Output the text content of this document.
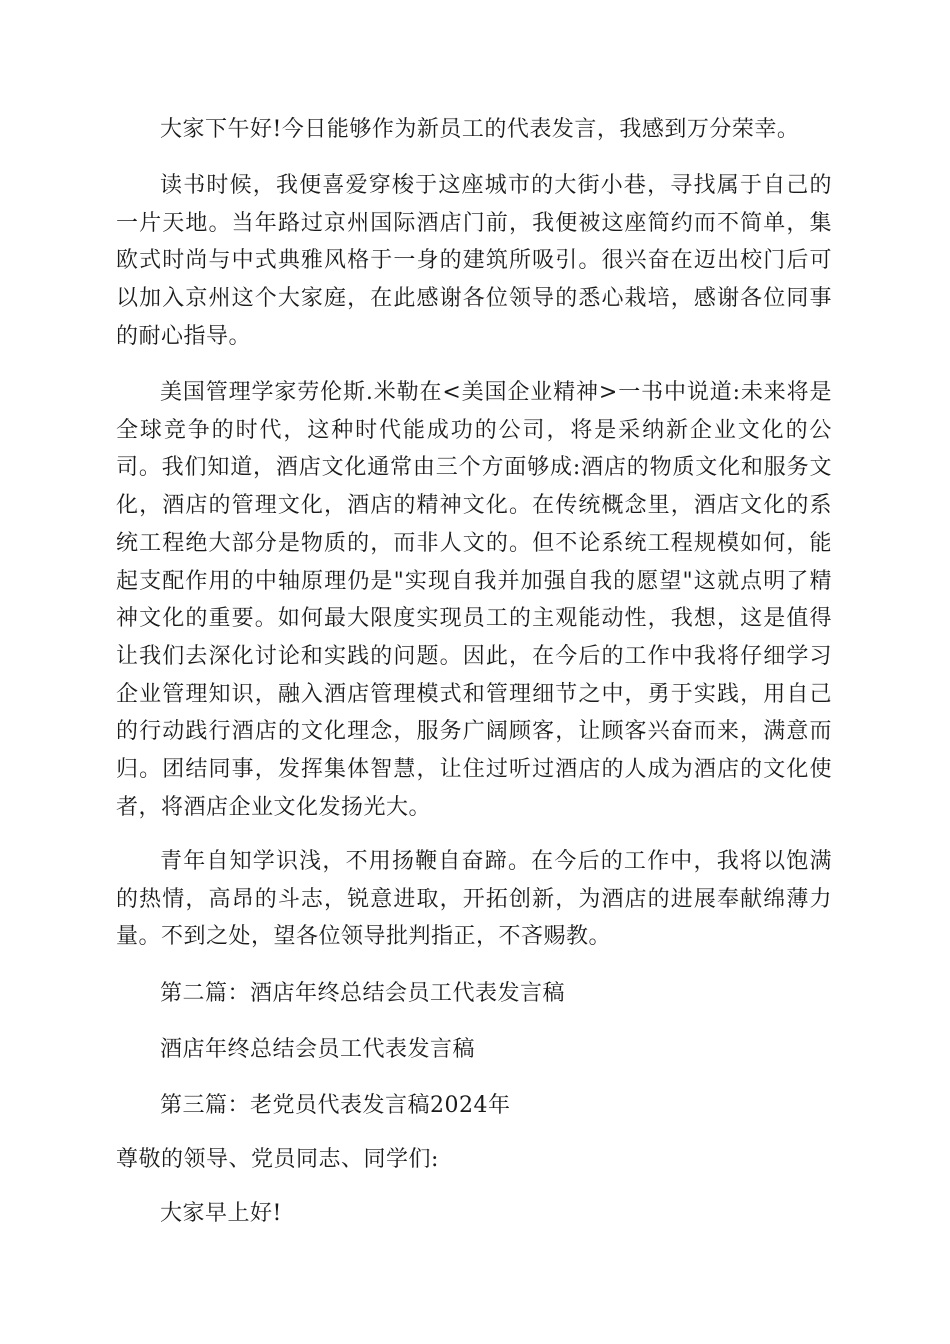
大家下午好!今日能够作为新员工的代表发言，我感到万分荣幸。

读书时候，我便喜爱穿梭于这座城市的大街小巷，寻找属于自己的一片天地。当年路过京州国际酒店门前，我便被这座简约而不简单，集欧式时尚与中式典雅风格于一身的建筑所吸引。很兴奋在迈出校门后可以加入京州这个大家庭，在此感谢各位领导的悉心栽培，感谢各位同事的耐心指导。

美国管理学家劳伦斯.米勒在<美国企业精神>一书中说道:未来将是全球竞争的时代，这种时代能成功的公司，将是采纳新企业文化的公司。我们知道，酒店文化通常由三个方面够成:酒店的物质文化和服务文化，酒店的管理文化，酒店的精神文化。在传统概念里，酒店文化的系统工程绝大部分是物质的，而非人文的。但不论系统工程规模如何，能起支配作用的中轴原理仍是"实现自我并加强自我的愿望"这就点明了精神文化的重要。如何最大限度实现员工的主观能动性，我想，这是值得让我们去深化讨论和实践的问题。因此，在今后的工作中我将仔细学习企业管理知识，融入酒店管理模式和管理细节之中，勇于实践，用自己的行动践行酒店的文化理念，服务广阔顾客，让顾客兴奋而来，满意而归。团结同事，发挥集体智慧，让住过听过酒店的人成为酒店的文化使者，将酒店企业文化发扬光大。

青年自知学识浅，不用扬鞭自奋蹄。在今后的工作中，我将以饱满的热情，高昂的斗志，锐意进取，开拓创新，为酒店的进展奉献绵薄力量。不到之处，望各位领导批判指正，不吝赐教。

第二篇：酒店年终总结会员工代表发言稿

酒店年终总结会员工代表发言稿

第三篇：老党员代表发言稿2024年

尊敬的领导、党员同志、同学们:

大家早上好!
